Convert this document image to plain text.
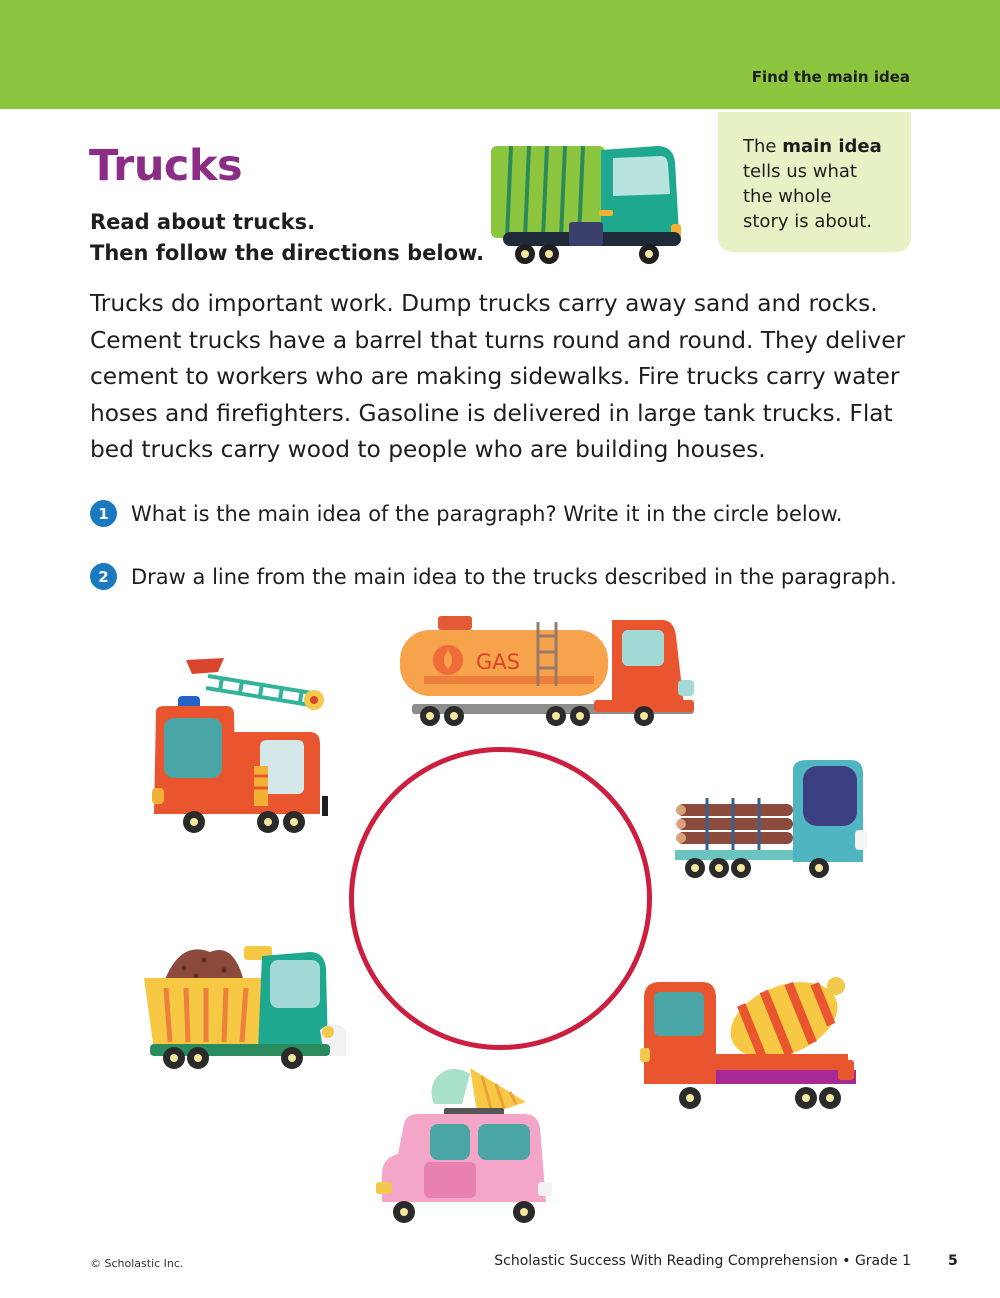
Find the main idea
Trucks
Read about trucks.
Then follow the directions below.
The main idea
tells us what
the whole
story is about.
Trucks do important work. Dump trucks carry away sand and rocks.
Cement trucks have a barrel that turns round and round. They deliver
cement to workers who are making sidewalks. Fire trucks carry water
hoses and firefighters. Gasoline is delivered in large tank trucks. Flat
bed trucks carry wood to people who are building houses.
1	What is the main idea of the paragraph? Write it in the circle below.
2	Draw a line from the main idea to the trucks described in the paragraph.
GAS
© Scholastic Inc.	Scholastic Success With Reading Comprehension • Grade 1	5
